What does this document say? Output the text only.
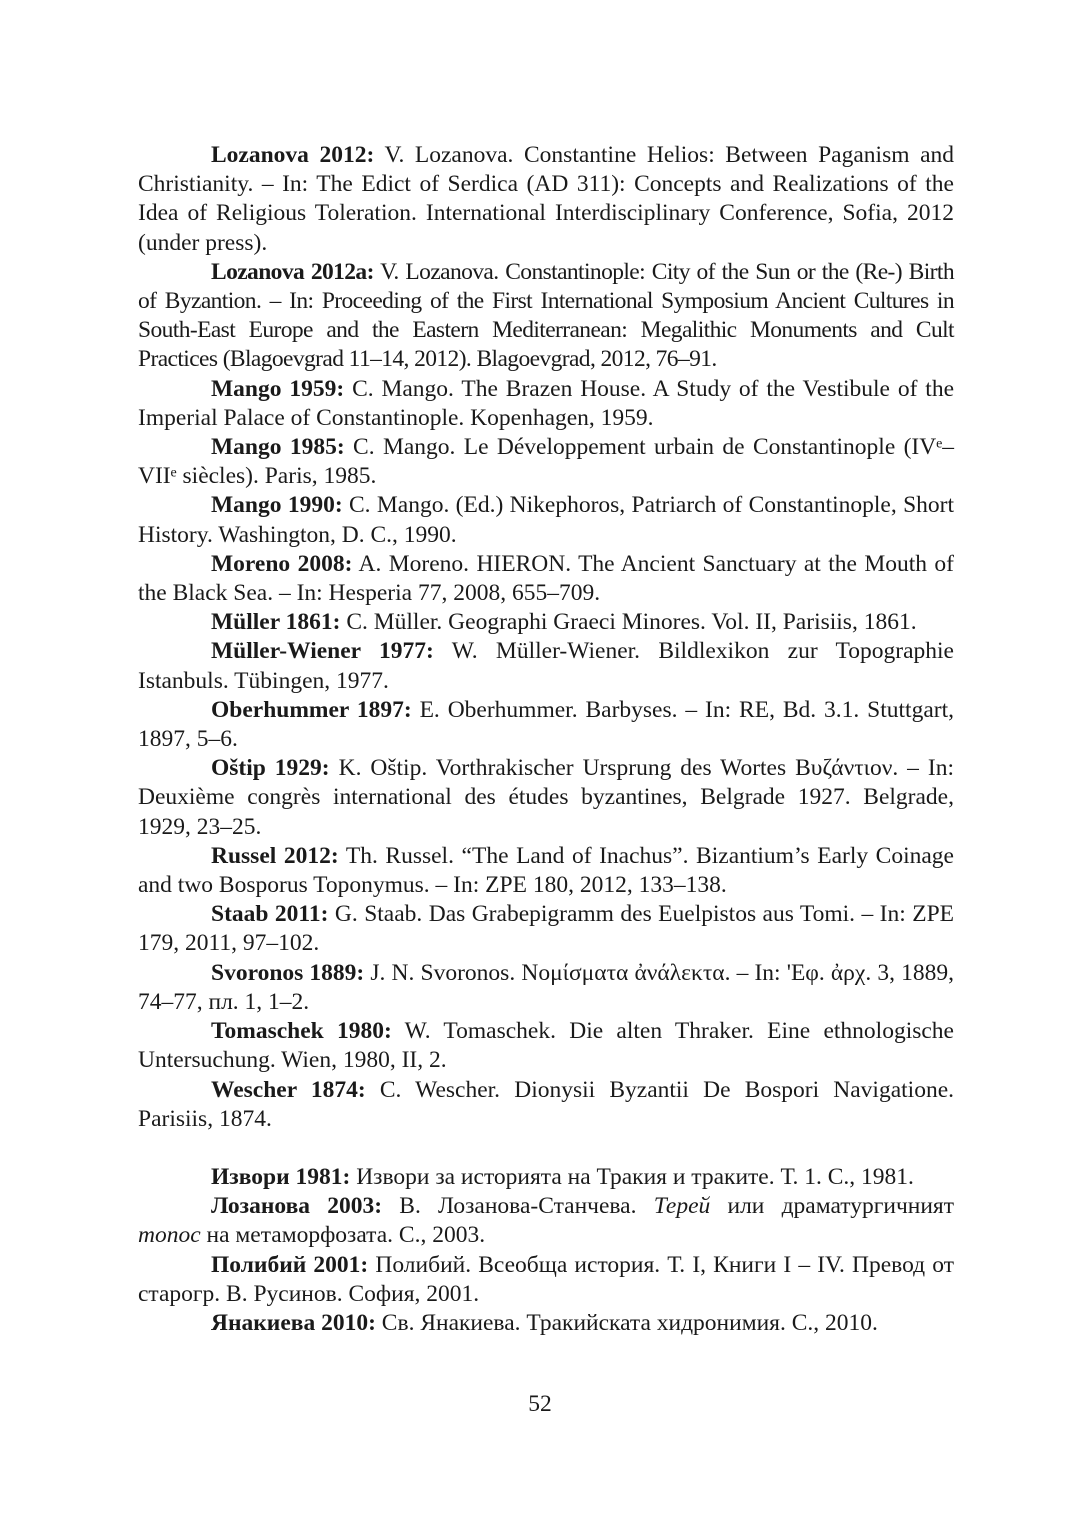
Lozanova 2012: V. Lozanova. Constantine Helios: Between Paganism and Christianity. – In: The Edict of Serdica (AD 311): Concepts and Realizations of the Idea of Religious Toleration. International Interdisciplinary Conference, Sofia, 2012 (under press).

Lozanova 2012a: V. Lozanova. Constantinople: City of the Sun or the (Re-) Birth of Byzantion. – In: Proceeding of the First International Symposium Ancient Cultures in South-East Europe and the Eastern Mediterranean: Megalithic Monuments and Cult Practices (Blagoevgrad 11–14, 2012). Blagoevgrad, 2012, 76–91.

Mango 1959: C. Mango. The Brazen House. A Study of the Vestibule of the Imperial Palace of Constantinople. Kopenhagen, 1959.

Mango 1985: C. Mango. Le Développement urbain de Constantinople (IVᵉ–VIIᵉ siècles). Paris, 1985.

Mango 1990: C. Mango. (Ed.) Nikephoros, Patriarch of Constantinople, Short History. Washington, D. C., 1990.

Moreno 2008: A. Moreno. HIERON. The Ancient Sanctuary at the Mouth of the Black Sea. – In: Hesperia 77, 2008, 655–709.

Müller 1861: C. Müller. Geographi Graeci Minores. Vol. II, Parisiis, 1861.

Müller-Wiener 1977: W. Müller-Wiener. Bildlexikon zur Topographie Istanbuls. Tübingen, 1977.

Oberhummer 1897: E. Oberhummer. Barbyses. – In: RE, Bd. 3.1. Stuttgart, 1897, 5–6.

Oštip 1929: K. Oštip. Vorthrakischer Ursprung des Wortes Βυζάντιον. – In: Deuxième congrès international des études byzantines, Belgrade 1927. Belgrade, 1929, 23–25.

Russel 2012: Th. Russel. “The Land of Inachus”. Bizantium’s Early Coinage and two Bosporus Toponymus. – In: ZPE 180, 2012, 133–138.

Staab 2011: G. Staab. Das Grabepigramm des Euelpistos aus Tomi. – In: ZPE 179, 2011, 97–102.

Svoronos 1889: J. N. Svoronos. Νομίσματα ἀνάλεκτα. – In: 'Εφ. ἀρχ. 3, 1889, 74–77, пл. 1, 1–2.

Tomaschek 1980: W. Tomaschek. Die alten Thraker. Eine ethnologische Untersuchung. Wien, 1980, II, 2.

Wescher 1874: C. Wescher. Dionysii Byzantii De Bospori Navigatione. Parisiis, 1874.

Извори 1981: Извори за историята на Тракия и траките. Т. 1. С., 1981.

Лозанова 2003: В. Лозанова-Станчева. Терей или драматургичният топос на метаморфозата. С., 2003.

Полибий 2001: Полибий. Всеобща история. Т. I, Книги I – IV. Превод от старогр. В. Русинов. София, 2001.

Янакиева 2010: Св. Янакиева. Тракийската хидронимия. С., 2010.

52
